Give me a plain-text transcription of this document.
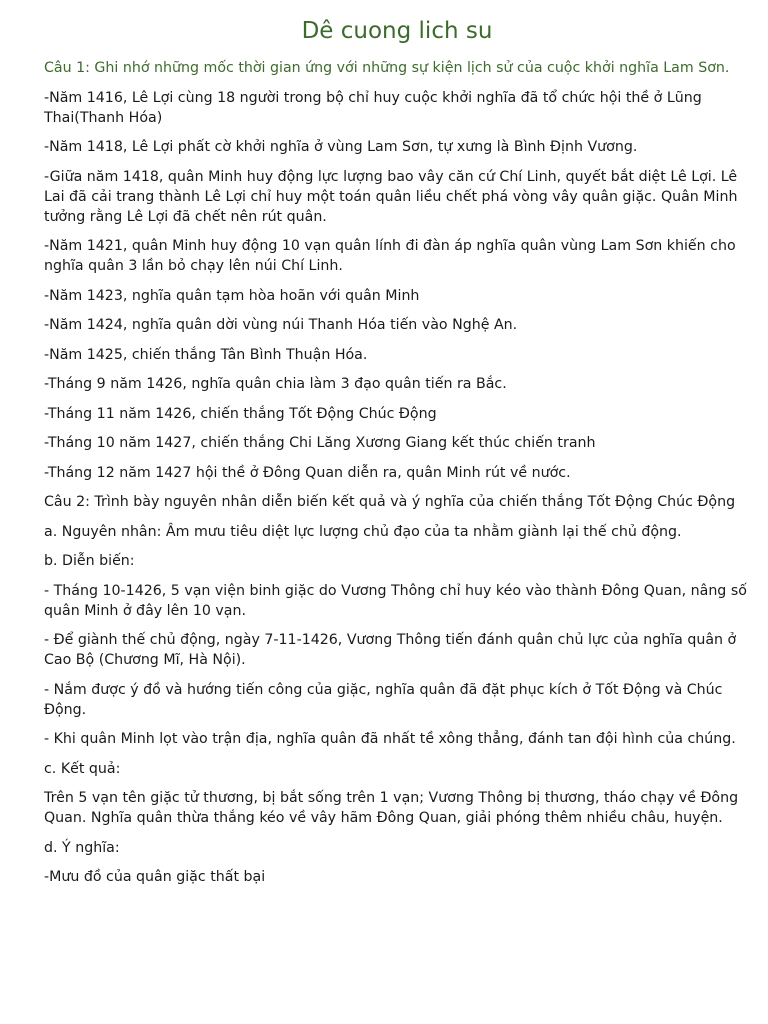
Dê cuong lich su

Câu 1: Ghi nhớ những mốc thời gian ứng với những sự kiện lịch sử của cuộc khởi nghĩa Lam Sơn.

-Năm 1416, Lê Lợi cùng 18 người trong bộ chỉ huy cuộc khởi nghĩa đã tổ chức hội thề ở Lũng Thai(Thanh Hóa)

-Năm 1418, Lê Lợi phất cờ khởi nghĩa ở vùng Lam Sơn, tự xưng là Bình Định Vương.

-Giữa năm 1418, quân Minh huy động lực lượng bao vây căn cứ Chí Linh, quyết bắt diệt Lê Lợi. Lê Lai đã cải trang thành Lê Lợi chỉ huy một toán quân liều chết phá vòng vây quân giặc. Quân Minh tưởng rằng Lê Lợi đã chết nên rút quân.

-Năm 1421, quân Minh huy động 10 vạn quân lính đi đàn áp nghĩa quân vùng Lam Sơn khiến cho nghĩa quân 3 lần bỏ chạy lên núi Chí Linh.

-Năm 1423, nghĩa quân tạm hòa hoãn với quân Minh

-Năm 1424, nghĩa quân dời vùng núi Thanh Hóa tiến vào Nghệ An.

-Năm 1425, chiến thắng Tân Bình Thuận Hóa.

-Tháng 9 năm 1426, nghĩa quân chia làm 3 đạo quân tiến ra Bắc.

-Tháng 11 năm 1426, chiến thắng Tốt Động Chúc Động

-Tháng 10 năm 1427, chiến thắng Chi Lăng Xương Giang kết thúc chiến tranh

-Tháng 12 năm 1427 hội thề ở Đông Quan diễn ra, quân Minh rút về nước.

Câu 2: Trình bày nguyên nhân diễn biến kết quả và ý nghĩa của chiến thắng Tốt Động Chúc Động

a. Nguyên nhân: Âm mưu tiêu diệt lực lượng chủ đạo của ta nhằm giành lại thế chủ động.

b. Diễn biến:

- Tháng 10-1426, 5 vạn viện binh giặc do Vương Thông chỉ huy kéo vào thành Đông Quan, nâng số quân Minh ở đây lên 10 vạn.

- Để giành thế chủ động, ngày 7-11-1426, Vương Thông tiến đánh quân chủ lực của nghĩa quân ở Cao Bộ (Chương Mĩ, Hà Nội).

- Nắm được ý đồ và hướng tiến công của giặc, nghĩa quân đã đặt phục kích ở Tốt Động và Chúc Động.

- Khi quân Minh lọt vào trận địa, nghĩa quân đã nhất tề xông thẳng, đánh tan đội hình của chúng.

c. Kết quả:

Trên 5 vạn tên giặc tử thương, bị bắt sống trên 1 vạn; Vương Thông bị thương, tháo chạy về Đông Quan. Nghĩa quân thừa thắng kéo về vây hãm Đông Quan, giải phóng thêm nhiều châu, huyện.

d. Ý nghĩa:

-Mưu đồ của quân giặc thất bại
